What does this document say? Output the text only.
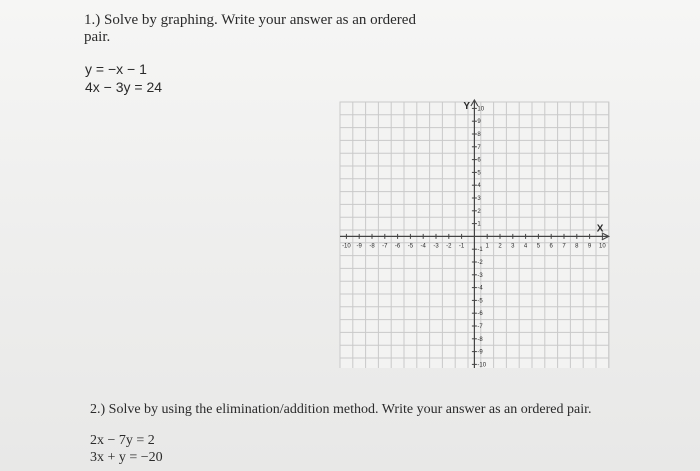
1.) Solve by graphing. Write your answer as an ordered
pair.
y = −x − 1
4x − 3y = 24
X
Y
-10 -9 -8 -7 -6 -5 -4 -3 -2 -1	1 2 3 4 5 6 7 8 9 10
10
9
8
7
6
5
4
3
2
1
-1
-2
-3
-4
-5
-6
-7
-8
-9
-10
2.) Solve by using the elimination/addition method. Write your answer as an ordered pair.
2x − 7y = 2
3x + y = −20
